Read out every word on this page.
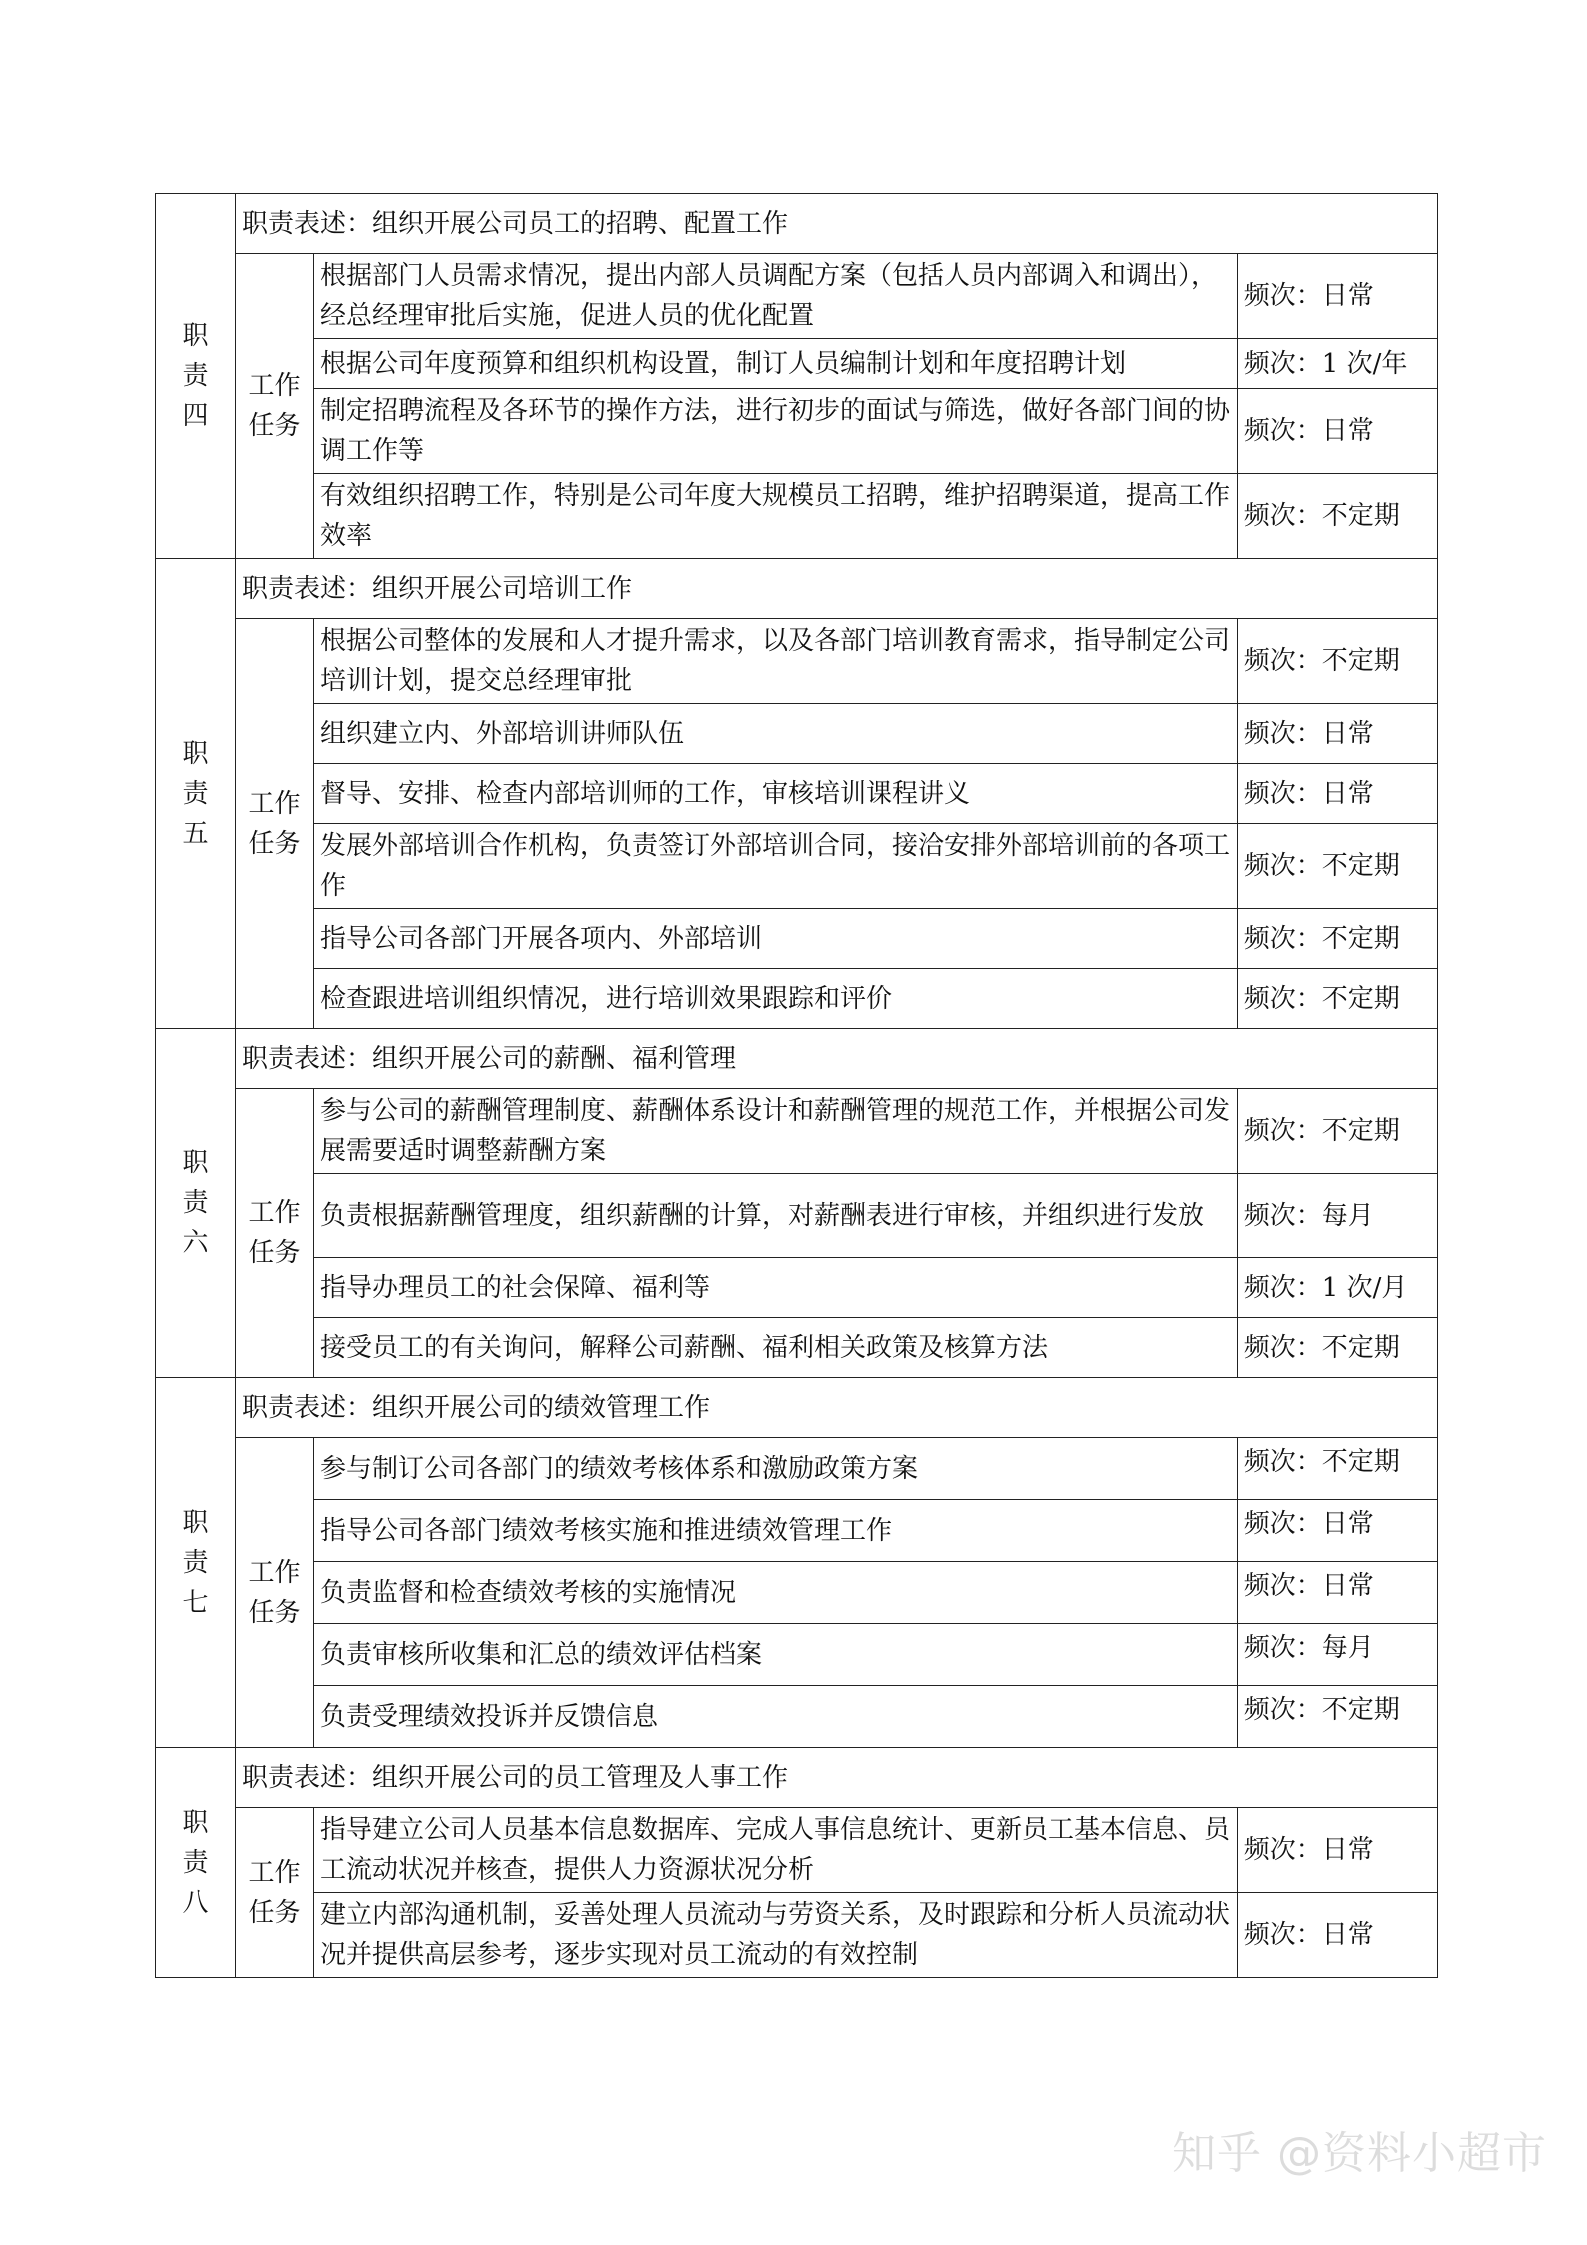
职责四	职责表述：组织开展公司员工的招聘、配置工作		
	工作任务	根据部门人员需求情况，提出内部人员调配方案（包括人员内部调入和调出），经总经理审批后实施，促进人员的优化配置	频次：日常
		根据公司年度预算和组织机构设置，制订人员编制计划和年度招聘计划	频次：1 次/年
		制定招聘流程及各环节的操作方法，进行初步的面试与筛选，做好各部门间的协调工作等	频次：日常
		有效组织招聘工作，特别是公司年度大规模员工招聘，维护招聘渠道，提高工作效率	频次：不定期
职责五	职责表述：组织开展公司培训工作		
	工作任务	根据公司整体的发展和人才提升需求，以及各部门培训教育需求，指导制定公司培训计划，提交总经理审批	频次：不定期
		组织建立内、外部培训讲师队伍	频次：日常
		督导、安排、检查内部培训师的工作，审核培训课程讲义	频次：日常
		发展外部培训合作机构，负责签订外部培训合同，接洽安排外部培训前的各项工作	频次：不定期
		指导公司各部门开展各项内、外部培训	频次：不定期
		检查跟进培训组织情况，进行培训效果跟踪和评价	频次：不定期
职责六	职责表述：组织开展公司的薪酬、福利管理		
	工作任务	参与公司的薪酬管理制度、薪酬体系设计和薪酬管理的规范工作，并根据公司发展需要适时调整薪酬方案	频次：不定期
		负责根据薪酬管理度，组织薪酬的计算，对薪酬表进行审核，并组织进行发放	频次：每月
		指导办理员工的社会保障、福利等	频次：1 次/月
		接受员工的有关询问，解释公司薪酬、福利相关政策及核算方法	频次：不定期
职责七	职责表述：组织开展公司的绩效管理工作		
	工作任务	参与制订公司各部门的绩效考核体系和激励政策方案	频次：不定期
		指导公司各部门绩效考核实施和推进绩效管理工作	频次：日常
		负责监督和检查绩效考核的实施情况	频次：日常
		负责审核所收集和汇总的绩效评估档案	频次：每月
		负责受理绩效投诉并反馈信息	频次：不定期
职责八	职责表述：组织开展公司的员工管理及人事工作		
	工作任务	指导建立公司人员基本信息数据库、完成人事信息统计、更新员工基本信息、员工流动状况并核查，提供人力资源状况分析	频次：日常
		建立内部沟通机制，妥善处理人员流动与劳资关系，及时跟踪和分析人员流动状况并提供高层参考，逐步实现对员工流动的有效控制	频次：日常
知乎 @资料小超市
